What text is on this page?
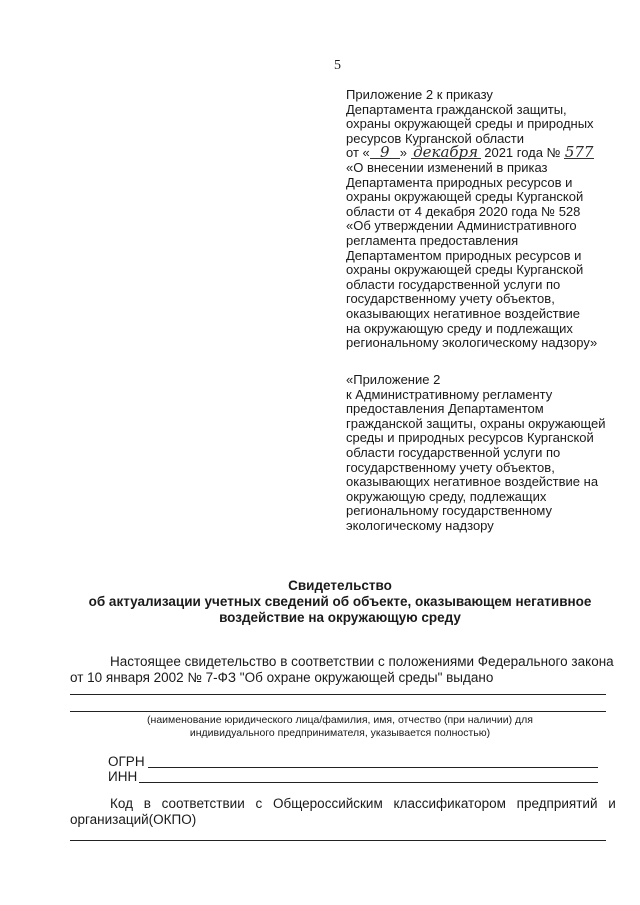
5
Приложение 2 к приказу
Департамента гражданской защиты,
охраны окружающей среды и природных
ресурсов Курганской области
от « 9 » декабря 2021 года № 577
«О внесении изменений в приказ
Департамента природных ресурсов и
охраны окружающей среды Курганской
области от 4 декабря 2020 года № 528
«Об утверждении Административного
регламента предоставления
Департаментом природных ресурсов и
охраны окружающей среды Курганской
области государственной услуги по
государственному учету объектов,
оказывающих негативное воздействие
на окружающую среду и подлежащих
региональному экологическому надзору»
«Приложение 2
к Административному регламенту
предоставления Департаментом
гражданской защиты, охраны окружающей
среды и природных ресурсов Курганской
области государственной услуги по
государственному учету объектов,
оказывающих негативное воздействие на
окружающую среду, подлежащих
региональному государственному
экологическому надзору
Свидетельство
об актуализации учетных сведений об объекте, оказывающем негативное
воздействие на окружающую среду
Настоящее свидетельство в соответствии с положениями Федерального закона
от 10 января 2002 № 7-ФЗ "Об охране окружающей среды" выдано
(наименование юридического лица/фамилия, имя, отчество (при наличии) для
индивидуального предпринимателя, указывается полностью)
ОГРН
ИНН
Код в соответствии с Общероссийским классификатором предприятий и
организаций(ОКПО)
